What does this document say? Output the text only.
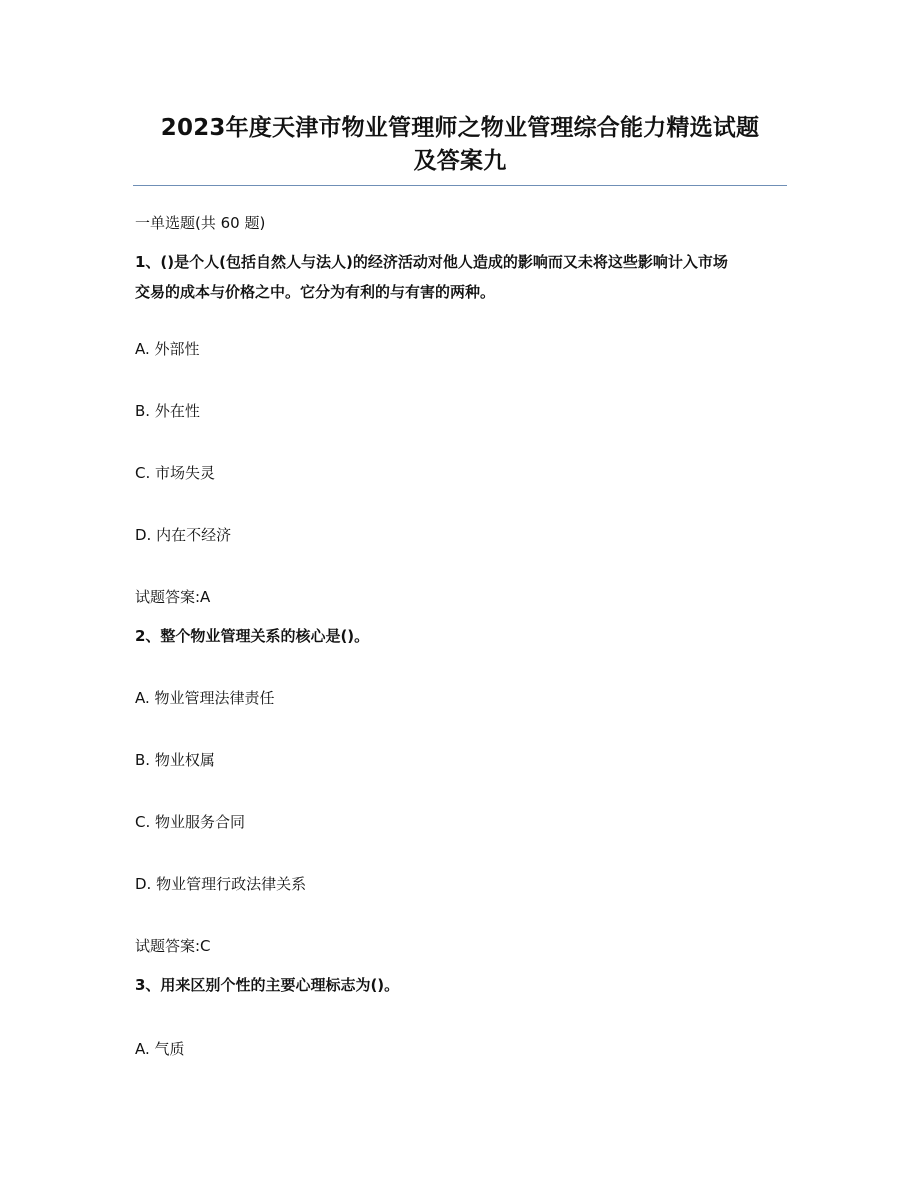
2023年度天津市物业管理师之物业管理综合能力精选试题
及答案九
一单选题(共 60 题)
1、()是个人(包括自然人与法人)的经济活动对他人造成的影响而又未将这些影响计入市场
交易的成本与价格之中。它分为有利的与有害的两种。
A. 外部性
B. 外在性
C. 市场失灵
D. 内在不经济
试题答案:A
2、整个物业管理关系的核心是()。
A. 物业管理法律责任
B. 物业权属
C. 物业服务合同
D. 物业管理行政法律关系
试题答案:C
3、用来区别个性的主要心理标志为()。
A. 气质
